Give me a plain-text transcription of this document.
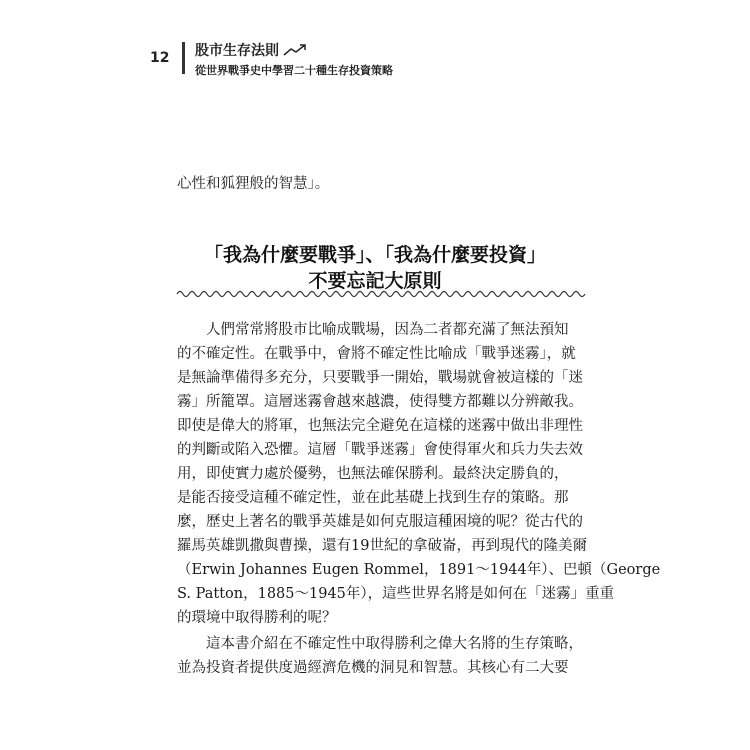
12 股市生存法則
從世界戰爭史中學習二十種生存投資策略
心性和狐狸般的智慧」。
「我為什麼要戰爭」、「我為什麼要投資」
不要忘記大原則
人們常常將股市比喻成戰場，因為二者都充滿了無法預知
的不確定性。在戰爭中，會將不確定性比喻成「戰爭迷霧」，就
是無論準備得多充分，只要戰爭一開始，戰場就會被這樣的「迷
霧」所籠罩。這層迷霧會越來越濃，使得雙方都難以分辨敵我。
即使是偉大的將軍，也無法完全避免在這樣的迷霧中做出非理性
的判斷或陷入恐懼。這層「戰爭迷霧」會使得軍火和兵力失去效
用，即使實力處於優勢，也無法確保勝利。最終決定勝負的，
是能否接受這種不確定性，並在此基礎上找到生存的策略。那
麼，歷史上著名的戰爭英雄是如何克服這種困境的呢？從古代的
羅馬英雄凱撒與曹操，還有19世紀的拿破崙，再到現代的隆美爾
（Erwin Johannes Eugen Rommel，1891～1944年）、巴頓（George
S. Patton，1885～1945年），這些世界名將是如何在「迷霧」重重
的環境中取得勝利的呢？
這本書介紹在不確定性中取得勝利之偉大名將的生存策略，
並為投資者提供度過經濟危機的洞見和智慧。其核心有二大要
